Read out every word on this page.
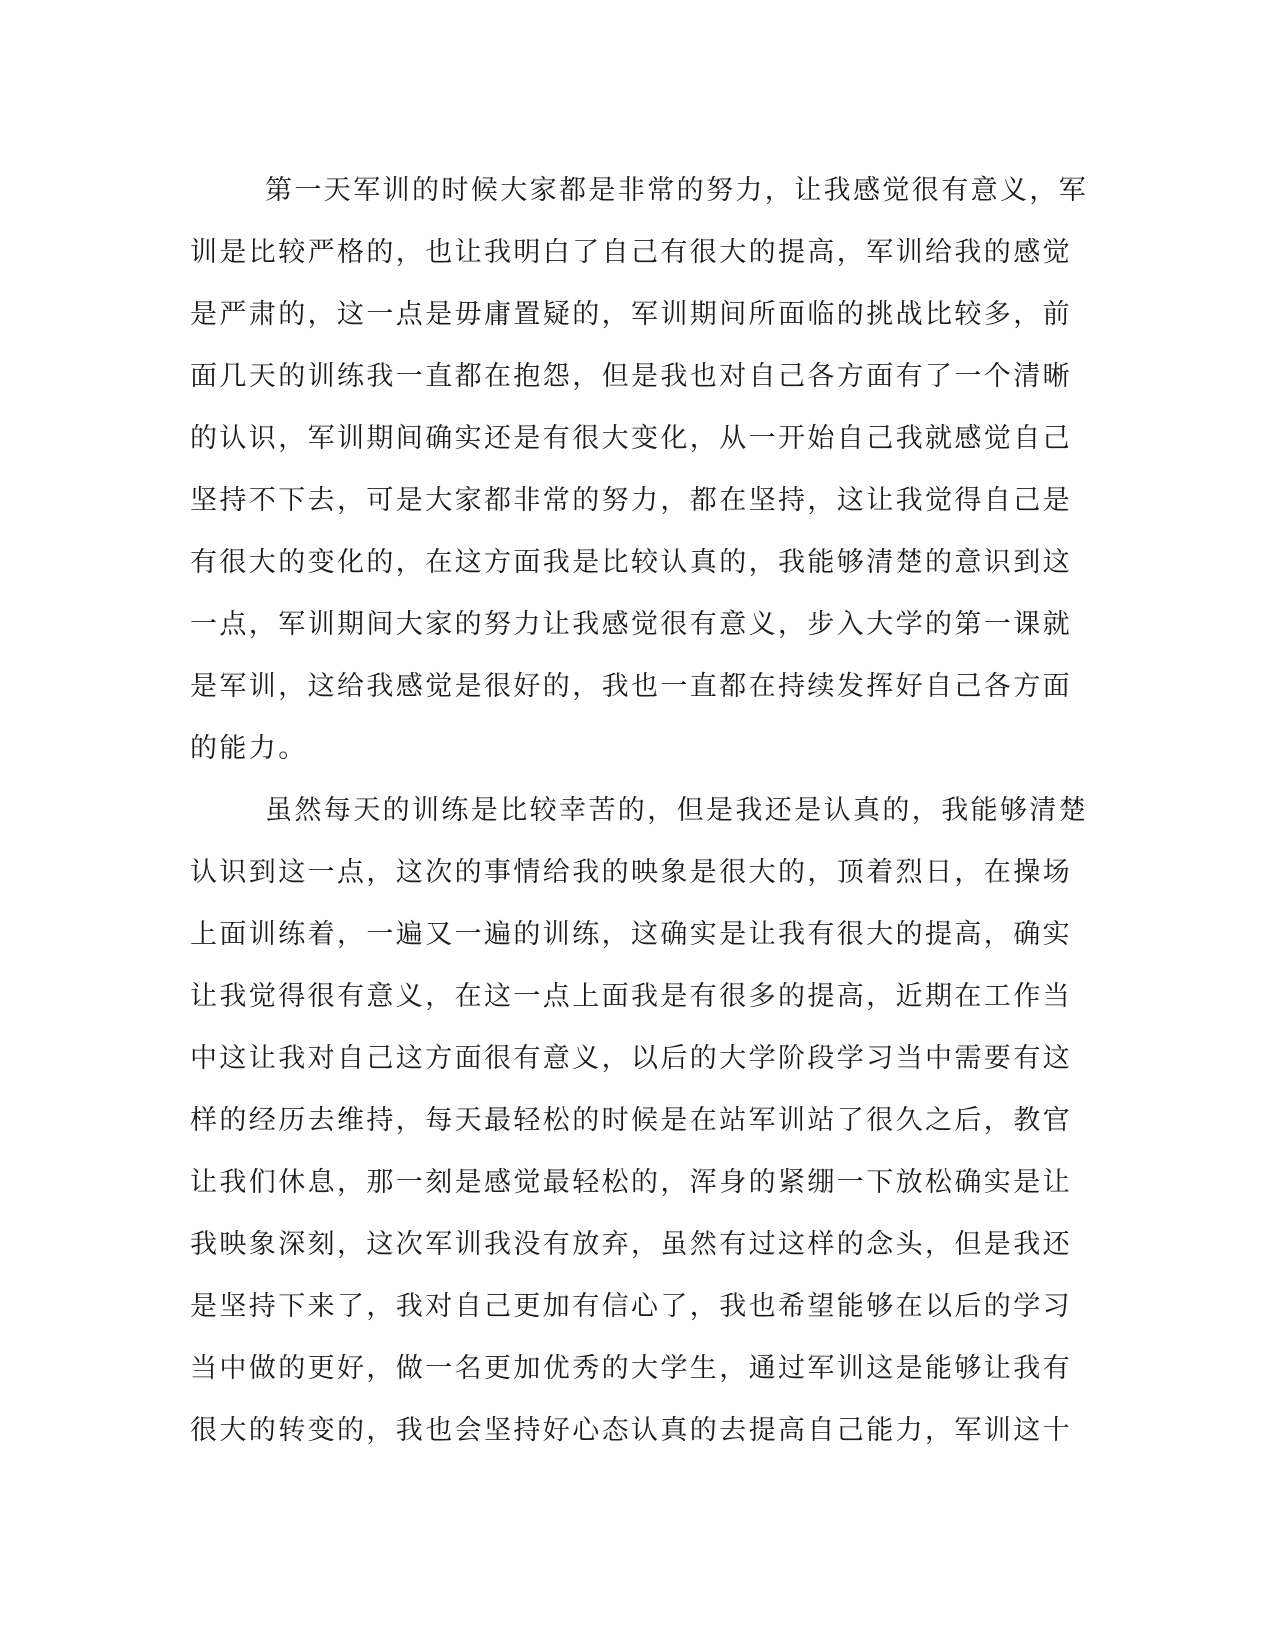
第一天军训的时候大家都是非常的努力，让我感觉很有意义，军
训是比较严格的，也让我明白了自己有很大的提高，军训给我的感觉
是严肃的，这一点是毋庸置疑的，军训期间所面临的挑战比较多，前
面几天的训练我一直都在抱怨，但是我也对自己各方面有了一个清晰
的认识，军训期间确实还是有很大变化，从一开始自己我就感觉自己
坚持不下去，可是大家都非常的努力，都在坚持，这让我觉得自己是
有很大的变化的，在这方面我是比较认真的，我能够清楚的意识到这
一点，军训期间大家的努力让我感觉很有意义，步入大学的第一课就
是军训，这给我感觉是很好的，我也一直都在持续发挥好自己各方面
的能力。
虽然每天的训练是比较幸苦的，但是我还是认真的，我能够清楚
认识到这一点，这次的事情给我的映象是很大的，顶着烈日，在操场
上面训练着，一遍又一遍的训练，这确实是让我有很大的提高，确实
让我觉得很有意义，在这一点上面我是有很多的提高，近期在工作当
中这让我对自己这方面很有意义，以后的大学阶段学习当中需要有这
样的经历去维持，每天最轻松的时候是在站军训站了很久之后，教官
让我们休息，那一刻是感觉最轻松的，浑身的紧绷一下放松确实是让
我映象深刻，这次军训我没有放弃，虽然有过这样的念头，但是我还
是坚持下来了，我对自己更加有信心了，我也希望能够在以后的学习
当中做的更好，做一名更加优秀的大学生，通过军训这是能够让我有
很大的转变的，我也会坚持好心态认真的去提高自己能力，军训这十
